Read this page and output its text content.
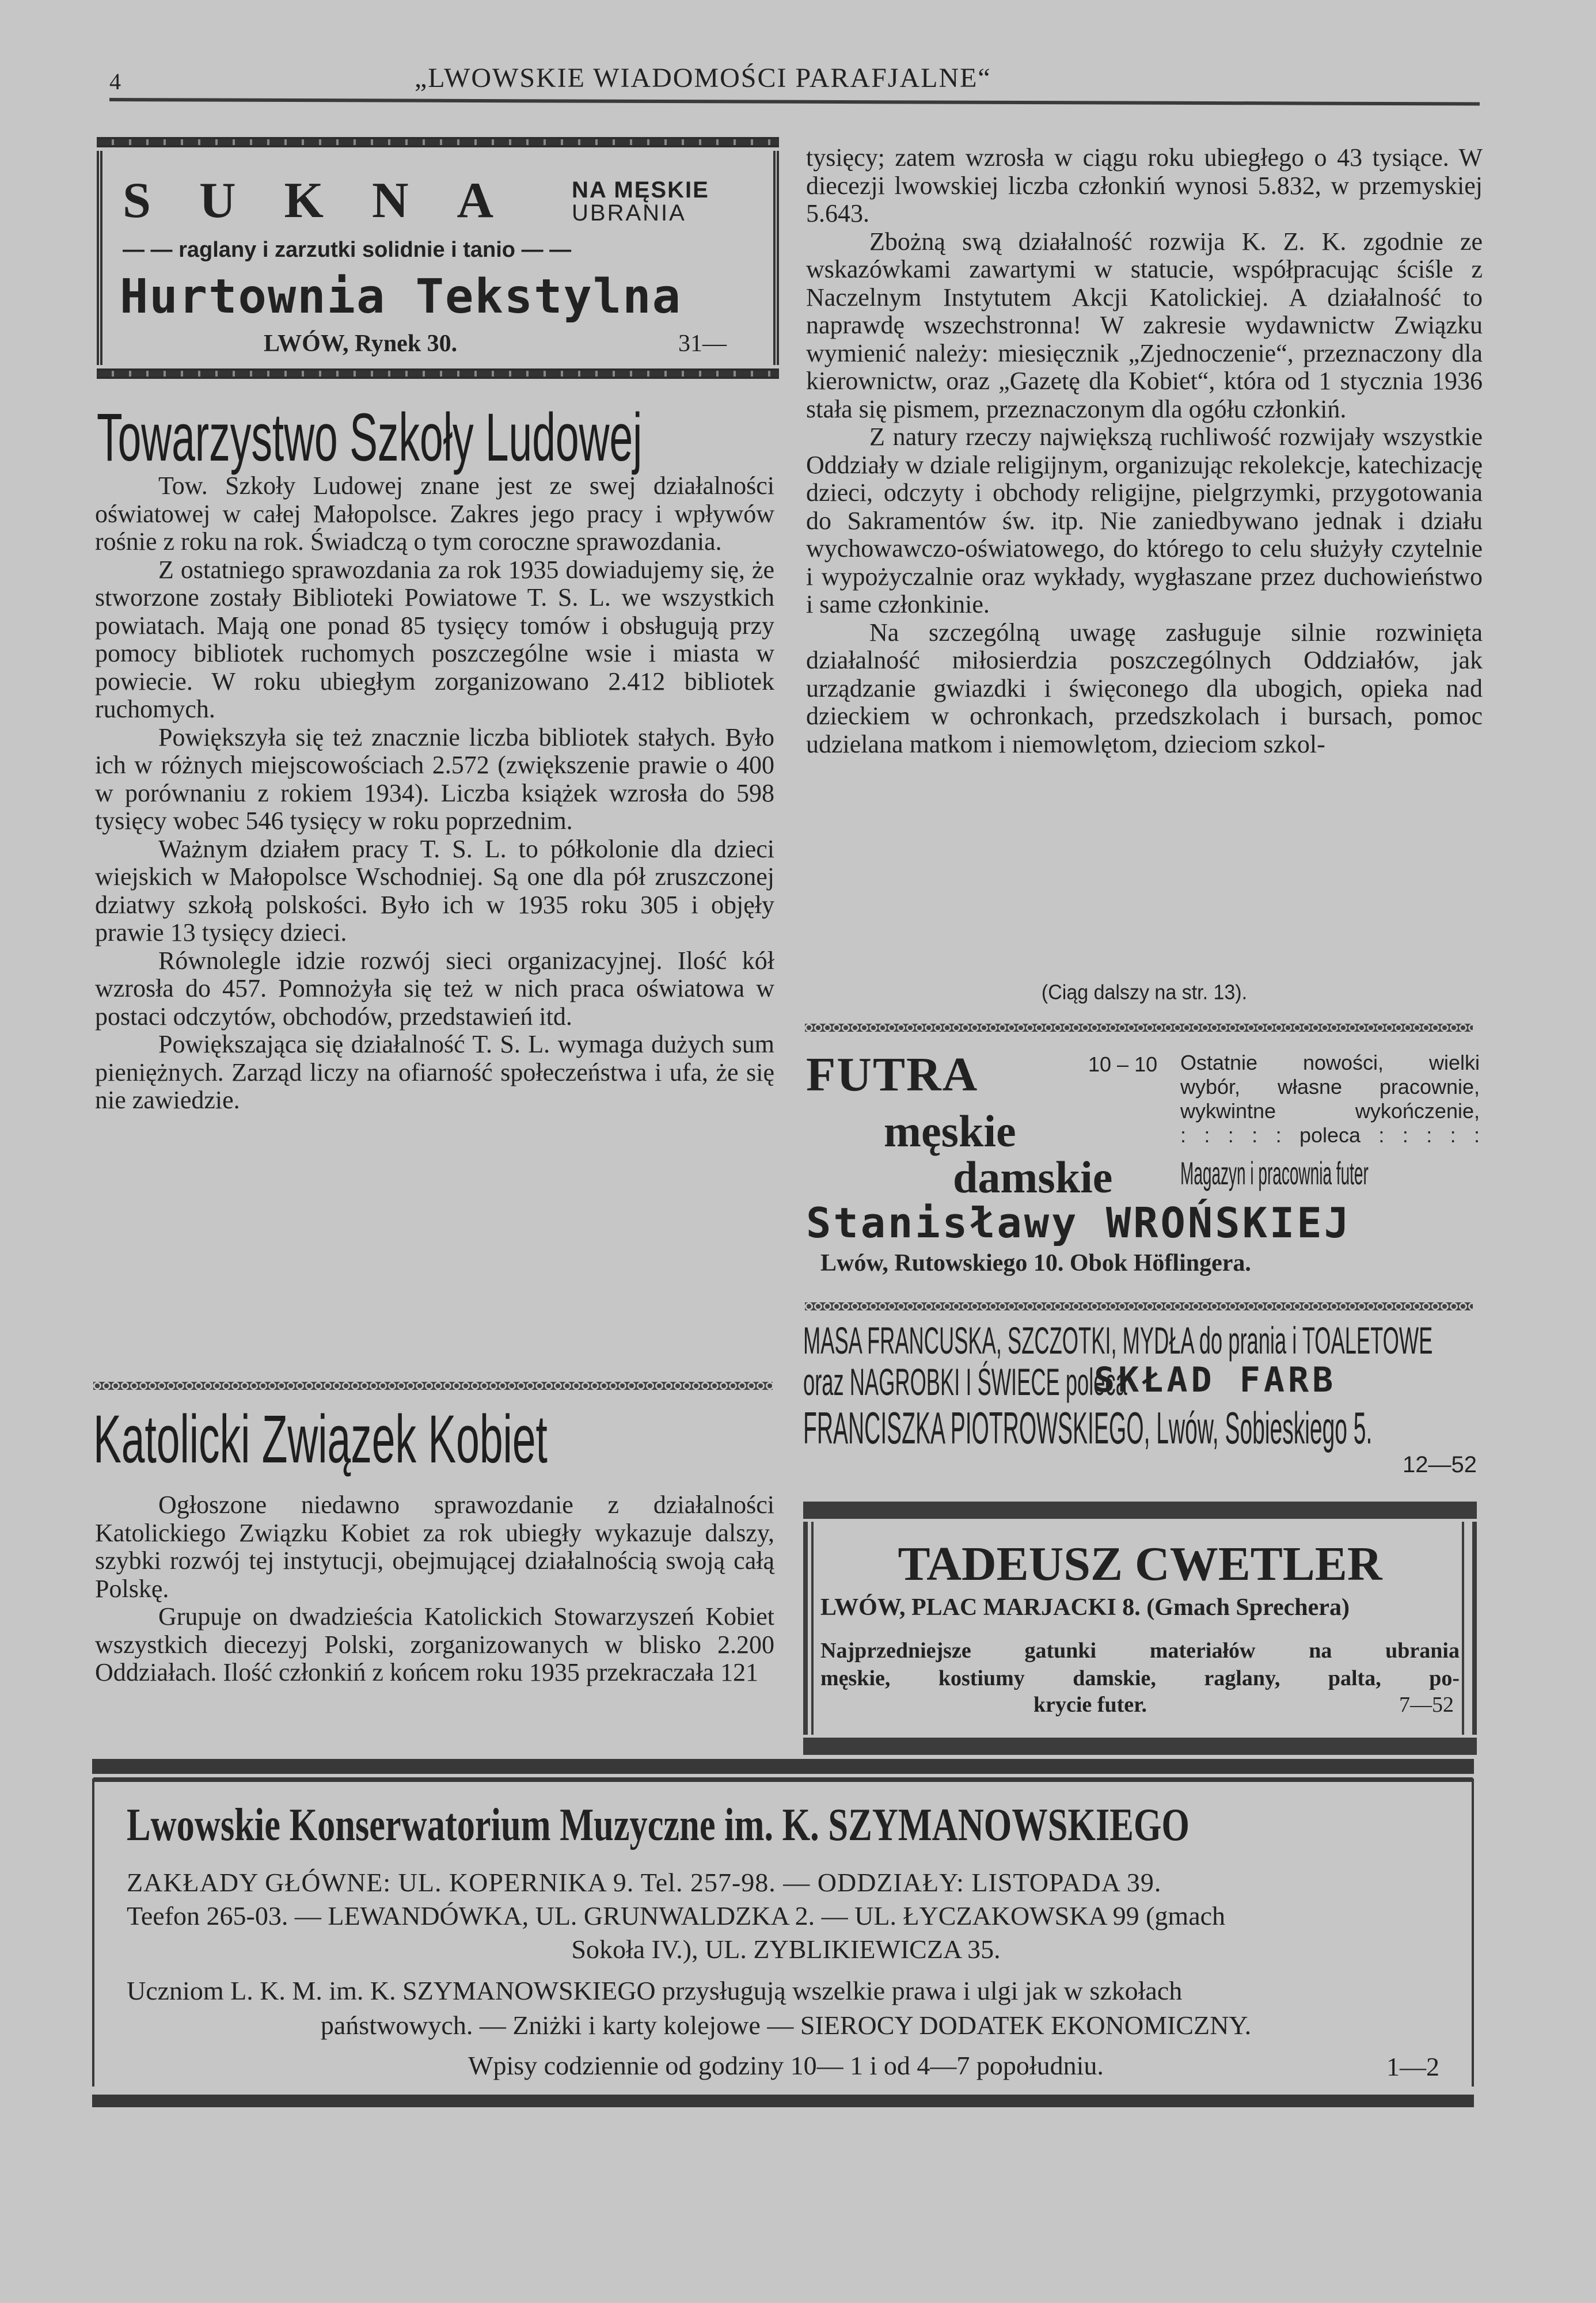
4	„LWOWSKIE WIADOMOŚCI PARAFJALNE“
SUKNA NA MĘSKIE
UBRANIA
— — raglany i zarzutki solidnie i tanio — —
Hurtownia Tekstylna
LWÓW, Rynek 30.	31—
Towarzystwo Szkoły Ludowej

Tow. Szkoły Ludowej znane jest ze swej działalności oświatowej w całej Małopolsce. Zakres jego pracy i wpływów rośnie z roku na rok. Świadczą o tym coroczne sprawozdania.

Z ostatniego sprawozdania za rok 1935 dowiadujemy się, że stworzone zostały Biblioteki Powiatowe T. S. L. we wszystkich powiatach. Mają one ponad 85 tysięcy tomów i obsługują przy pomocy bibliotek ruchomych poszczególne wsie i miasta w powiecie. W roku ubiegłym zorganizowano 2.412 bibliotek ruchomych.

Powiększyła się też znacznie liczba bibliotek stałych. Było ich w różnych miejscowościach 2.572 (zwiększenie prawie o 400 w porównaniu z rokiem 1934). Liczba książek wzrosła do 598 tysięcy wobec 546 tysięcy w roku poprzednim.

Ważnym działem pracy T. S. L. to półkolonie dla dzieci wiejskich w Małopolsce Wschodniej. Są one dla pół zruszczonej dziatwy szkołą polskości. Było ich w 1935 roku 305 i objęły prawie 13 tysięcy dzieci.

Równolegle idzie rozwój sieci organizacyjnej. Ilość kół wzrosła do 457. Pomnożyła się też w nich praca oświatowa w postaci odczytów, obchodów, przedstawień itd.

Powiększająca się działalność T. S. L. wymaga dużych sum pieniężnych. Zarząd liczy na ofiarność społeczeństwa i ufa, że się nie zawiedzie.

Katolicki Związek Kobiet

Ogłoszone niedawno sprawozdanie z działalności Katolickiego Związku Kobiet za rok ubiegły wykazuje dalszy, szybki rozwój tej instytucji, obejmującej działalnością swoją całą Polskę.

Grupuje on dwadzieścia Katolickich Stowarzyszeń Kobiet wszystkich diecezyj Polski, zorganizowanych w blisko 2.200 Oddziałach. Ilość członkiń z końcem roku 1935 przekraczała 121

tysięcy; zatem wzrosła w ciągu roku ubiegłego o 43 tysiące. W diecezji lwowskiej liczba członkiń wynosi 5.832, w przemyskiej 5.643.

Zbożną swą działalność rozwija K. Z. K. zgodnie ze wskazówkami zawartymi w statucie, współpracując ściśle z Naczelnym Instytutem Akcji Katolickiej. A działalność to naprawdę wszechstronna! W zakresie wydawnictw Związku wymienić należy: miesięcznik „Zjednoczenie“, przeznaczony dla kierownictw, oraz „Gazetę dla Kobiet“, która od 1 stycznia 1936 stała się pismem, przeznaczonym dla ogółu członkiń.

Z natury rzeczy największą ruchliwość rozwijały wszystkie Oddziały w dziale religijnym, organizując rekolekcje, katechizację dzieci, odczyty i obchody religijne, pielgrzymki, przygotowania do Sakramentów św. itp. Nie zaniedbywano jednak i działu wychowawczo-oświatowego, do którego to celu służyły czytelnie i wypożyczalnie oraz wykłady, wygłaszane przez duchowieństwo i same członkinie.

Na szczególną uwagę zasługuje silnie rozwinięta działalność miłosierdzia poszczególnych Oddziałów, jak urządzanie gwiazdki i święconego dla ubogich, opieka nad dzieckiem w ochronkach, przedszkolach i bursach, pomoc udzielana matkom i niemowlętom, dzieciom szkol-

(Ciąg dalszy na str. 13).
FUTRA
męskie
damskie
10 – 10 Ostatnie nowości, wielki
wybór, własne pracownie,
wykwintne wykończenie,
: : : : : poleca : : : : :
Magazyn i pracownia futer
Stanisławy WROŃSKIEJ
Lwów, Rutowskiego 10. Obok Höflingera.
MASA FRANCUSKA, SZCZOTKI, MYDŁA do prania i TOALETOWE
oraz NAGROBKI I ŚWIECE poleca
SKŁAD FARB
FRANCISZKA PIOTROWSKIEGO, Lwów, Sobieskiego 5.
12—52
TADEUSZ CWETLER
LWÓW, PLAC MARJACKI 8. (Gmach Sprechera)
Najprzedniejsze gatunki materiałów na ubrania
męskie, kostiumy damskie, raglany, palta, po-
krycie futer.	7—52
Lwowskie Konserwatorium Muzyczne im. K. SZYMANOWSKIEGO
ZAKŁADY GŁÓWNE: UL. KOPERNIKA 9. Tel. 257-98. — ODDZIAŁY: LISTOPADA 39.
Teefon 265-03. — LEWANDÓWKA, UL. GRUNWALDZKA 2. — UL. ŁYCZAKOWSKA 99 (gmach
Sokoła IV.), UL. ZYBLIKIEWICZA 35.
Uczniom L. K. M. im. K. SZYMANOWSKIEGO przysługują wszelkie prawa i ulgi jak w szkołach
państwowych. — Zniżki i karty kolejowe — SIEROCY DODATEK EKONOMICZNY.
Wpisy codziennie od godziny 10— 1 i od 4—7 popołudniu.	1—2
